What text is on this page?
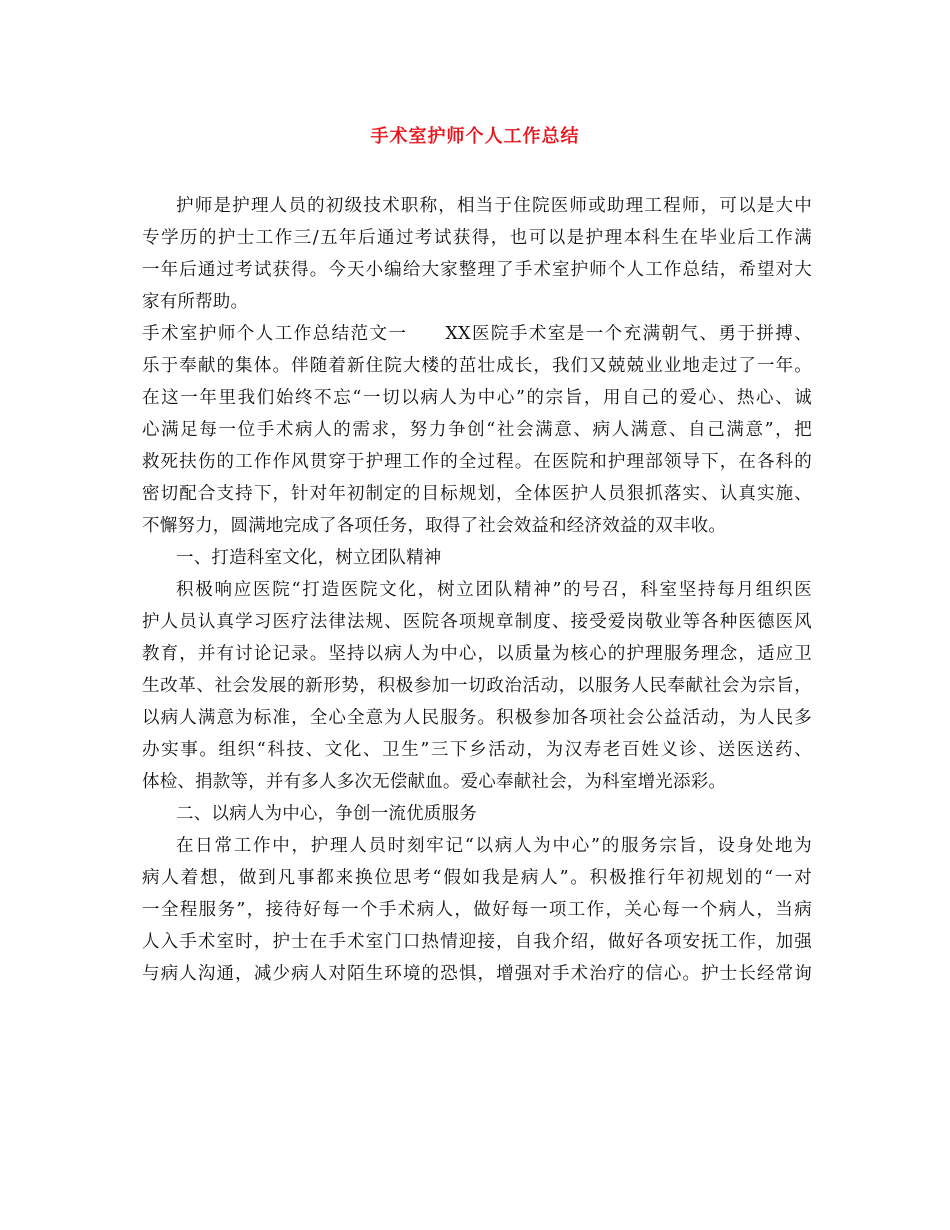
手术室护师个人工作总结
护师是护理人员的初级技术职称，相当于住院医师或助理工程师，可以是大中
专学历的护士工作三/五年后通过考试获得，也可以是护理本科生在毕业后工作满
一年后通过考试获得。今天小编给大家整理了手术室护师个人工作总结，希望对大
家有所帮助。
手术室护师个人工作总结范文一　　XX医院手术室是一个充满朝气、勇于拼搏、
乐于奉献的集体。伴随着新住院大楼的茁壮成长，我们又兢兢业业地走过了一年。
在这一年里我们始终不忘“一切以病人为中心”的宗旨，用自己的爱心、热心、诚
心满足每一位手术病人的需求，努力争创“社会满意、病人满意、自己满意”，把
救死扶伤的工作作风贯穿于护理工作的全过程。在医院和护理部领导下，在各科的
密切配合支持下，针对年初制定的目标规划，全体医护人员狠抓落实、认真实施、
不懈努力，圆满地完成了各项任务，取得了社会效益和经济效益的双丰收。
一、打造科室文化，树立团队精神
积极响应医院“打造医院文化，树立团队精神”的号召，科室坚持每月组织医
护人员认真学习医疗法律法规、医院各项规章制度、接受爱岗敬业等各种医德医风
教育，并有讨论记录。坚持以病人为中心，以质量为核心的护理服务理念，适应卫
生改革、社会发展的新形势，积极参加一切政治活动，以服务人民奉献社会为宗旨，
以病人满意为标准，全心全意为人民服务。积极参加各项社会公益活动，为人民多
办实事。组织“科技、文化、卫生”三下乡活动，为汉寿老百姓义诊、送医送药、
体检、捐款等，并有多人多次无偿献血。爱心奉献社会，为科室增光添彩。
二、以病人为中心，争创一流优质服务
在日常工作中，护理人员时刻牢记“以病人为中心”的服务宗旨，设身处地为
病人着想，做到凡事都来换位思考“假如我是病人”。积极推行年初规划的“一对
一全程服务”，接待好每一个手术病人，做好每一项工作，关心每一个病人，当病
人入手术室时，护士在手术室门口热情迎接，自我介绍，做好各项安抚工作，加强
与病人沟通，减少病人对陌生环境的恐惧，增强对手术治疗的信心。护士长经常询
